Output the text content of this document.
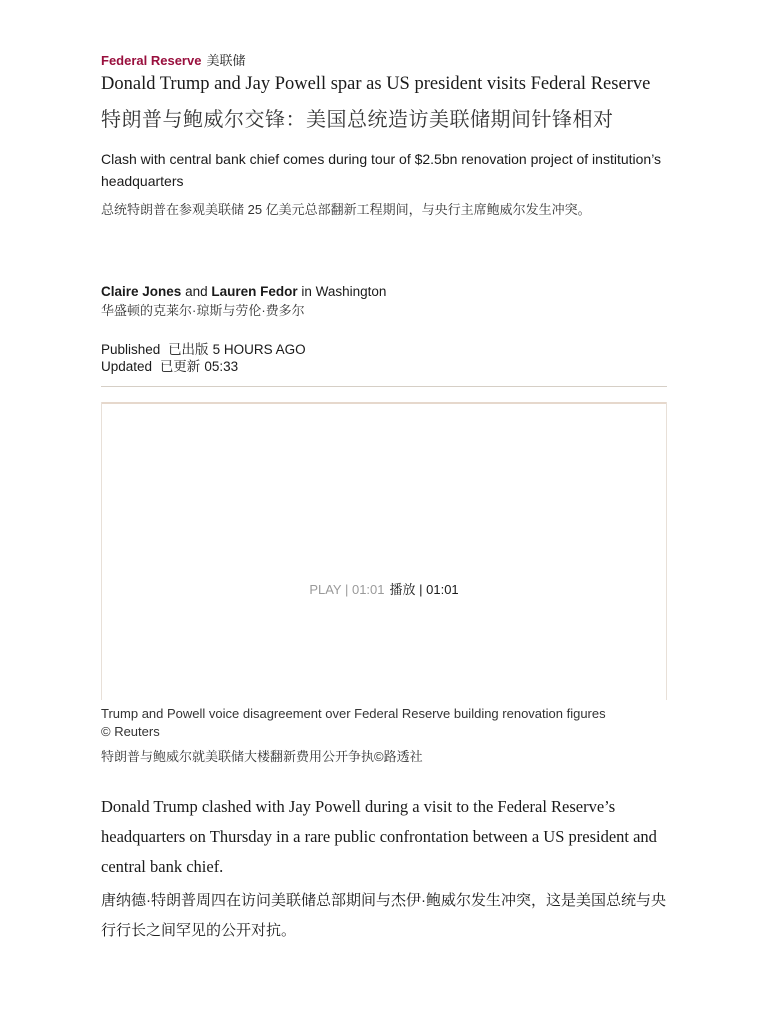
Federal Reserve 美联储
Donald Trump and Jay Powell spar as US president visits Federal Reserve
特朗普与鲍威尔交锋：美国总统造访美联储期间针锋相对
Clash with central bank chief comes during tour of $2.5bn renovation project of institution’s headquarters
总统特朗普在参观美联储 25 亿美元总部翻新工程期间，与央行主席鲍威尔发生冲突。
Claire Jones and Lauren Fedor in Washington
华盛顿的克莱尔·琼斯与劳伦·费多尔
Published 已出版 5 HOURS AGO
Updated 已更新 05:33
PLAY | 01:01 播放 | 01:01
Trump and Powell voice disagreement over Federal Reserve building renovation figures
© Reuters
特朗普与鲍威尔就美联储大楼翻新费用公开争执©路透社
Donald Trump clashed with Jay Powell during a visit to the Federal Reserve’s headquarters on Thursday in a rare public confrontation between a US president and central bank chief.
唐纳德·特朗普周四在访问美联储总部期间与杰伊·鲍威尔发生冲突，这是美国总统与央行行长之间罕见的公开对抗。
